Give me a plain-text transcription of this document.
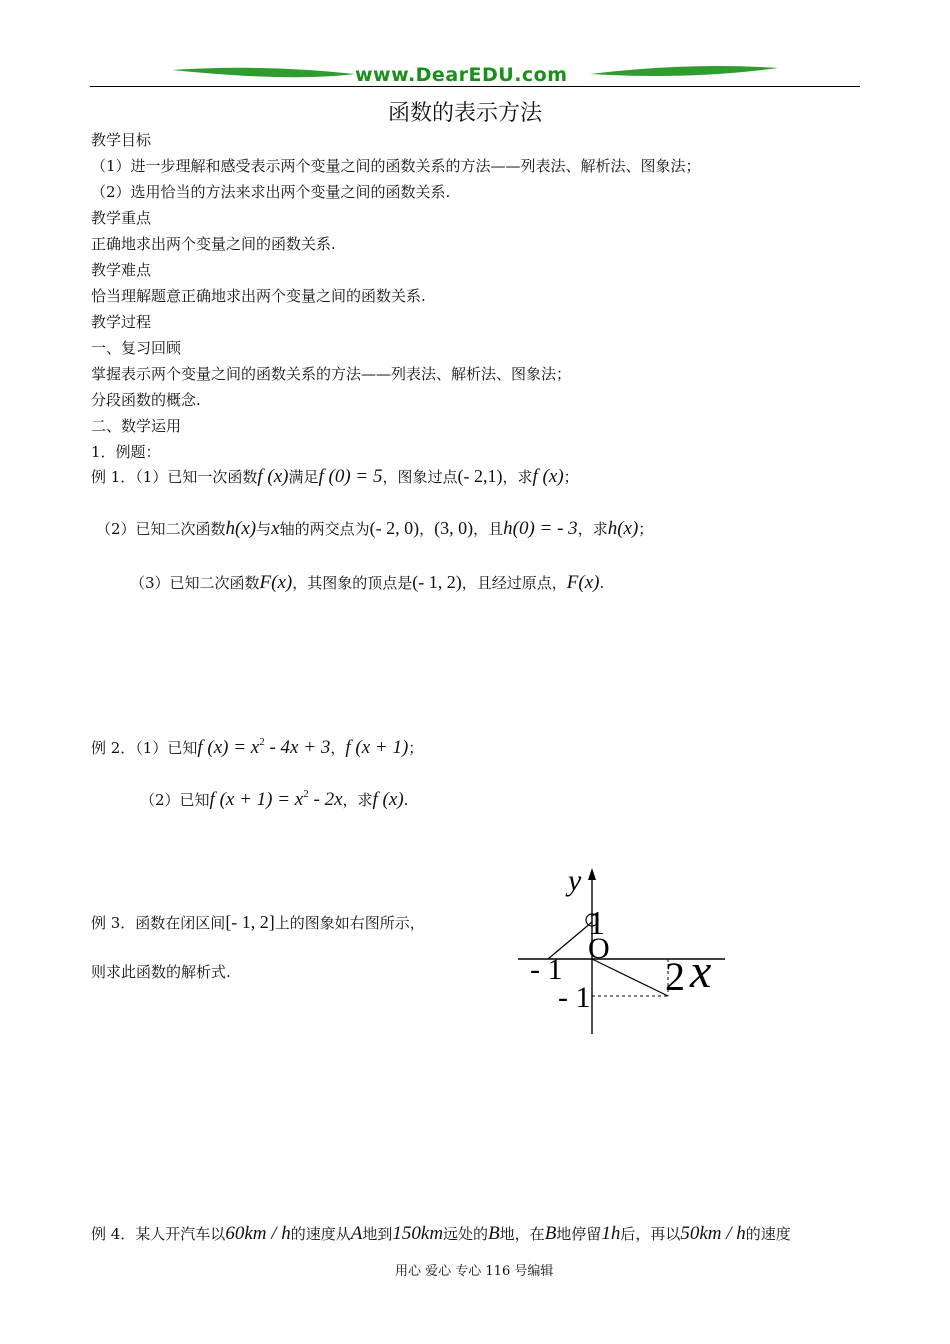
www.DearEDU.com
函数的表示方法
教学目标
（1）进一步理解和感受表示两个变量之间的函数关系的方法——列表法、解析法、图象法；
（2）选用恰当的方法来求出两个变量之间的函数关系.
教学重点
正确地求出两个变量之间的函数关系.
教学难点
恰当理解题意正确地求出两个变量之间的函数关系.
教学过程
一、复习回顾
掌握表示两个变量之间的函数关系的方法——列表法、解析法、图象法；
分段函数的概念.
二、数学运用
1．例题：
例 1．（1）已知一次函数f (x)满足f (0) = 5，图象过点(- 2,1)，求f (x)；
（2）已知二次函数h(x)与x轴的两交点为(- 2, 0)，(3, 0)，且h(0) = - 3，求h(x)；
（3）已知二次函数F(x)，其图象的顶点是(- 1, 2)，且经过原点，F(x).
例 2．（1）已知f $(x) = x^2 - 4x + 3$，f (x + 1)；
（2）已知f $(x + 1) = x^2 - 2x$，求f (x).
例 3．函数在闭区间[- 1, 2]上的图象如右图所示，
则求此函数的解析式.
y
1
O
- 1
- 1 2 x
例 4．某人开汽车以60km / h的速度从A地到150km远处的B地，在B地停留1h后，再以50km / h的速度
用心 爱心 专心 116 号编辑
